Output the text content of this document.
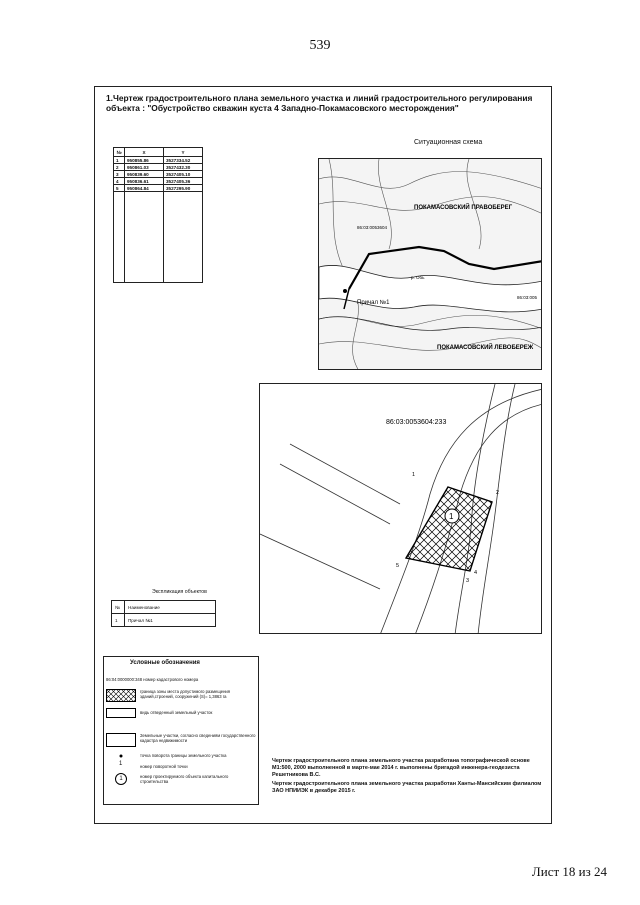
539
1.Чертеж градостроительного плана земельного участка и линий градостроительного регулирования
объекта : "Обустройство скважин куста 4 Западно-Покамасовского месторождения"
№	X	Y
1	950855.86	3527334.52
2	950861.03	3527432.30
3	950839.60	3527405.10
4	950836.61	3527405.36
5	950864.84	3527295.90

Ситуационная схема
ПОКАМАСОВСКИЙ ПРАВОБЕРЕГ
86:03:0053604
86:03:005
р. Обь
Причал №1
ПОКАМАСОВСКИЙ ЛЕВОБЕРЕЖ
1
86:03:0053604:233
1
2
3
4
5
Экспликация объектов
№	Наименование
1	Причал №1
Условные обозначения
86:04:0000000:348 номер кадастрового номера
граница зоны места допустимого размещения зданий,строений, сооружений (S)= 1,3863 га
видь отведенный земельный участок
Земельные участки, согласно сведениям государственного кадастра недвижимости
точка поворота границы земельного участка
1	номер поворотной точки
1	номер проектируемого объекта капитального строительства
Чертеж градостроительного плана земельного участка разработана топографической основе М1:500, 2000 выполненной в марте-мае 2014 г. выполнены бригадой инженера-геодезиста Решетникова В.С.
Чертеж градостроительного плана земельного участка разработан Ханты-Мансийским филиалом ЗАО НПИИЭК в декабре 2015 г.
Лист 18 из 24
